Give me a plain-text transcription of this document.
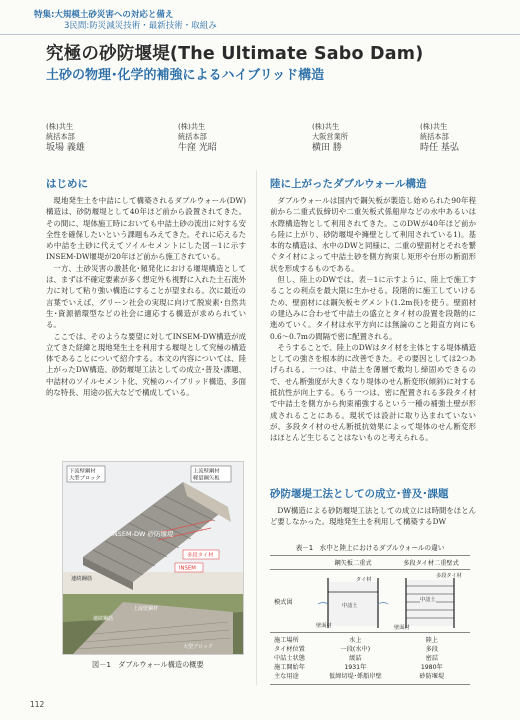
特集:大規模土砂災害への対応と備え
3民間:防災減災技術・最新技術・取組み
究極の砂防堰堤(The Ultimate Sabo Dam)
土砂の物理･化学的補強によるハイブリッド構造
(株)共生
統括本部
坂場 義雄
(株)共生
統括本部
牛窪 光昭
(株)共生
大阪営業所
横田 勝
(株)共生
統括本部
時任 基弘
はじめに

現地発生土を中詰にして構築されるダブルウォール(DW)構造は、砂防堰堤として40年ほど前から設置されてきた。その間に、堤体施工時においても中詰土砂の流出に対する安全性を確保したいという課題もみえてきた。それに応えるため中詰を土砂に代えてソイルセメントにした図－1に示すINSEM-DW堰堤が20年ほど前から施工されている。

一方、土砂災害の激甚化･頻発化における堰堤構造としては、まずは不確定要素が多く想定外も視野に入れた土石流外力に対して粘り強い構造にすることが望まれる。次に最近の言葉でいえば、グリーン社会の実現に向けて脱炭素･自然共生･資源循環型などの社会に適応する構造が求められている。

ここでは、そのような要望に対してINSEM-DW構造が成立てきた経緯と現地発生土を利用する堰堤として究極の構造体であることについて紹介する。本文の内容については、陸上がったDW構造、砂防堰堤工法としての成立･普及･課題、中詰材のソイルセメント化、究極のハイブリッド構造、多面的な特長、用途の拡大などで構成している。

下流壁鋼材
大型ブロック
上流壁鋼材
軽量鋼矢板
INSEM-DW 砂防堰堤
連続鋼筋
多段タイ材
INSEM
上流壁鋼材
連続鋼筋
大型ブロック
図－1　ダブルウォール構造の概要
陸に上がったダブルウォール構造

ダブルウォールは国内で鋼矢板が製造し始められた90年程前から二重式仮締切や二重矢板式係船岸などの水中あるいは水際構造物として利用されてきた。このDWが40年ほど前から陸に上がり、砂防堰堤や擁壁として利用されている1)。基本的な構造は、水中のDWと同様に、二重の壁面材とそれを繋ぐタイ材によって中詰土砂を側方拘束し矩形や台形の断面形状を形成するものである。

但し、陸上のDWでは、表－1に示すように、陸上で施工することの利点を最大限に生かせる。段階的に施工していけるため、壁面材には鋼矢板セグメント(1.2m長)を使う。壁面材の建込みに合わせて中詰土の盛立とタイ材の設置を段階的に進めていく。タイ材は水平方向には無論のこと鉛直方向にも0.6～0.7mの間隔で密に配置される。

そうすることで、陸上のDWはタイ材を主体とする堤体構造としての強さを根本的に改善できた。その要因としては2つあげられる。一つは、中詰土を薄層で敷均し締固めできるので、せん断強度が大きくなり堤体のせん断変形(傾斜)に対する抵抗性が向上する。もう一つは、密に配置される多段タイ材で中詰土を側方から拘束補強するという一種の補強土壁が形成されることにある。現状では設計に取り込まれていないが、多段タイ材のせん断抵抗効果によって堤体のせん断変形はほとんど生じることはないものと考えられる。

砂防堰堤工法としての成立･普及･課題

DW構造による砂防堰堤工法としての成立には時間をほとんど要しなかった。現地発生土を利用して構築するDW

表－1　水中と陸上におけるダブルウォールの違い
鋼矢板二重式	多段タイ材二重壁式
模式図
タイ材
中詰土
壁面材
多段タイ材
中詰土
壁面材
施工場所
タイ材位置
中詰土状態
施工開始年
主な用途
水上
一段(水中)
緩詰
1931年
仮締切堤･係船岸壁
陸上
多段
密詰
1980年
砂防堰堤
112
